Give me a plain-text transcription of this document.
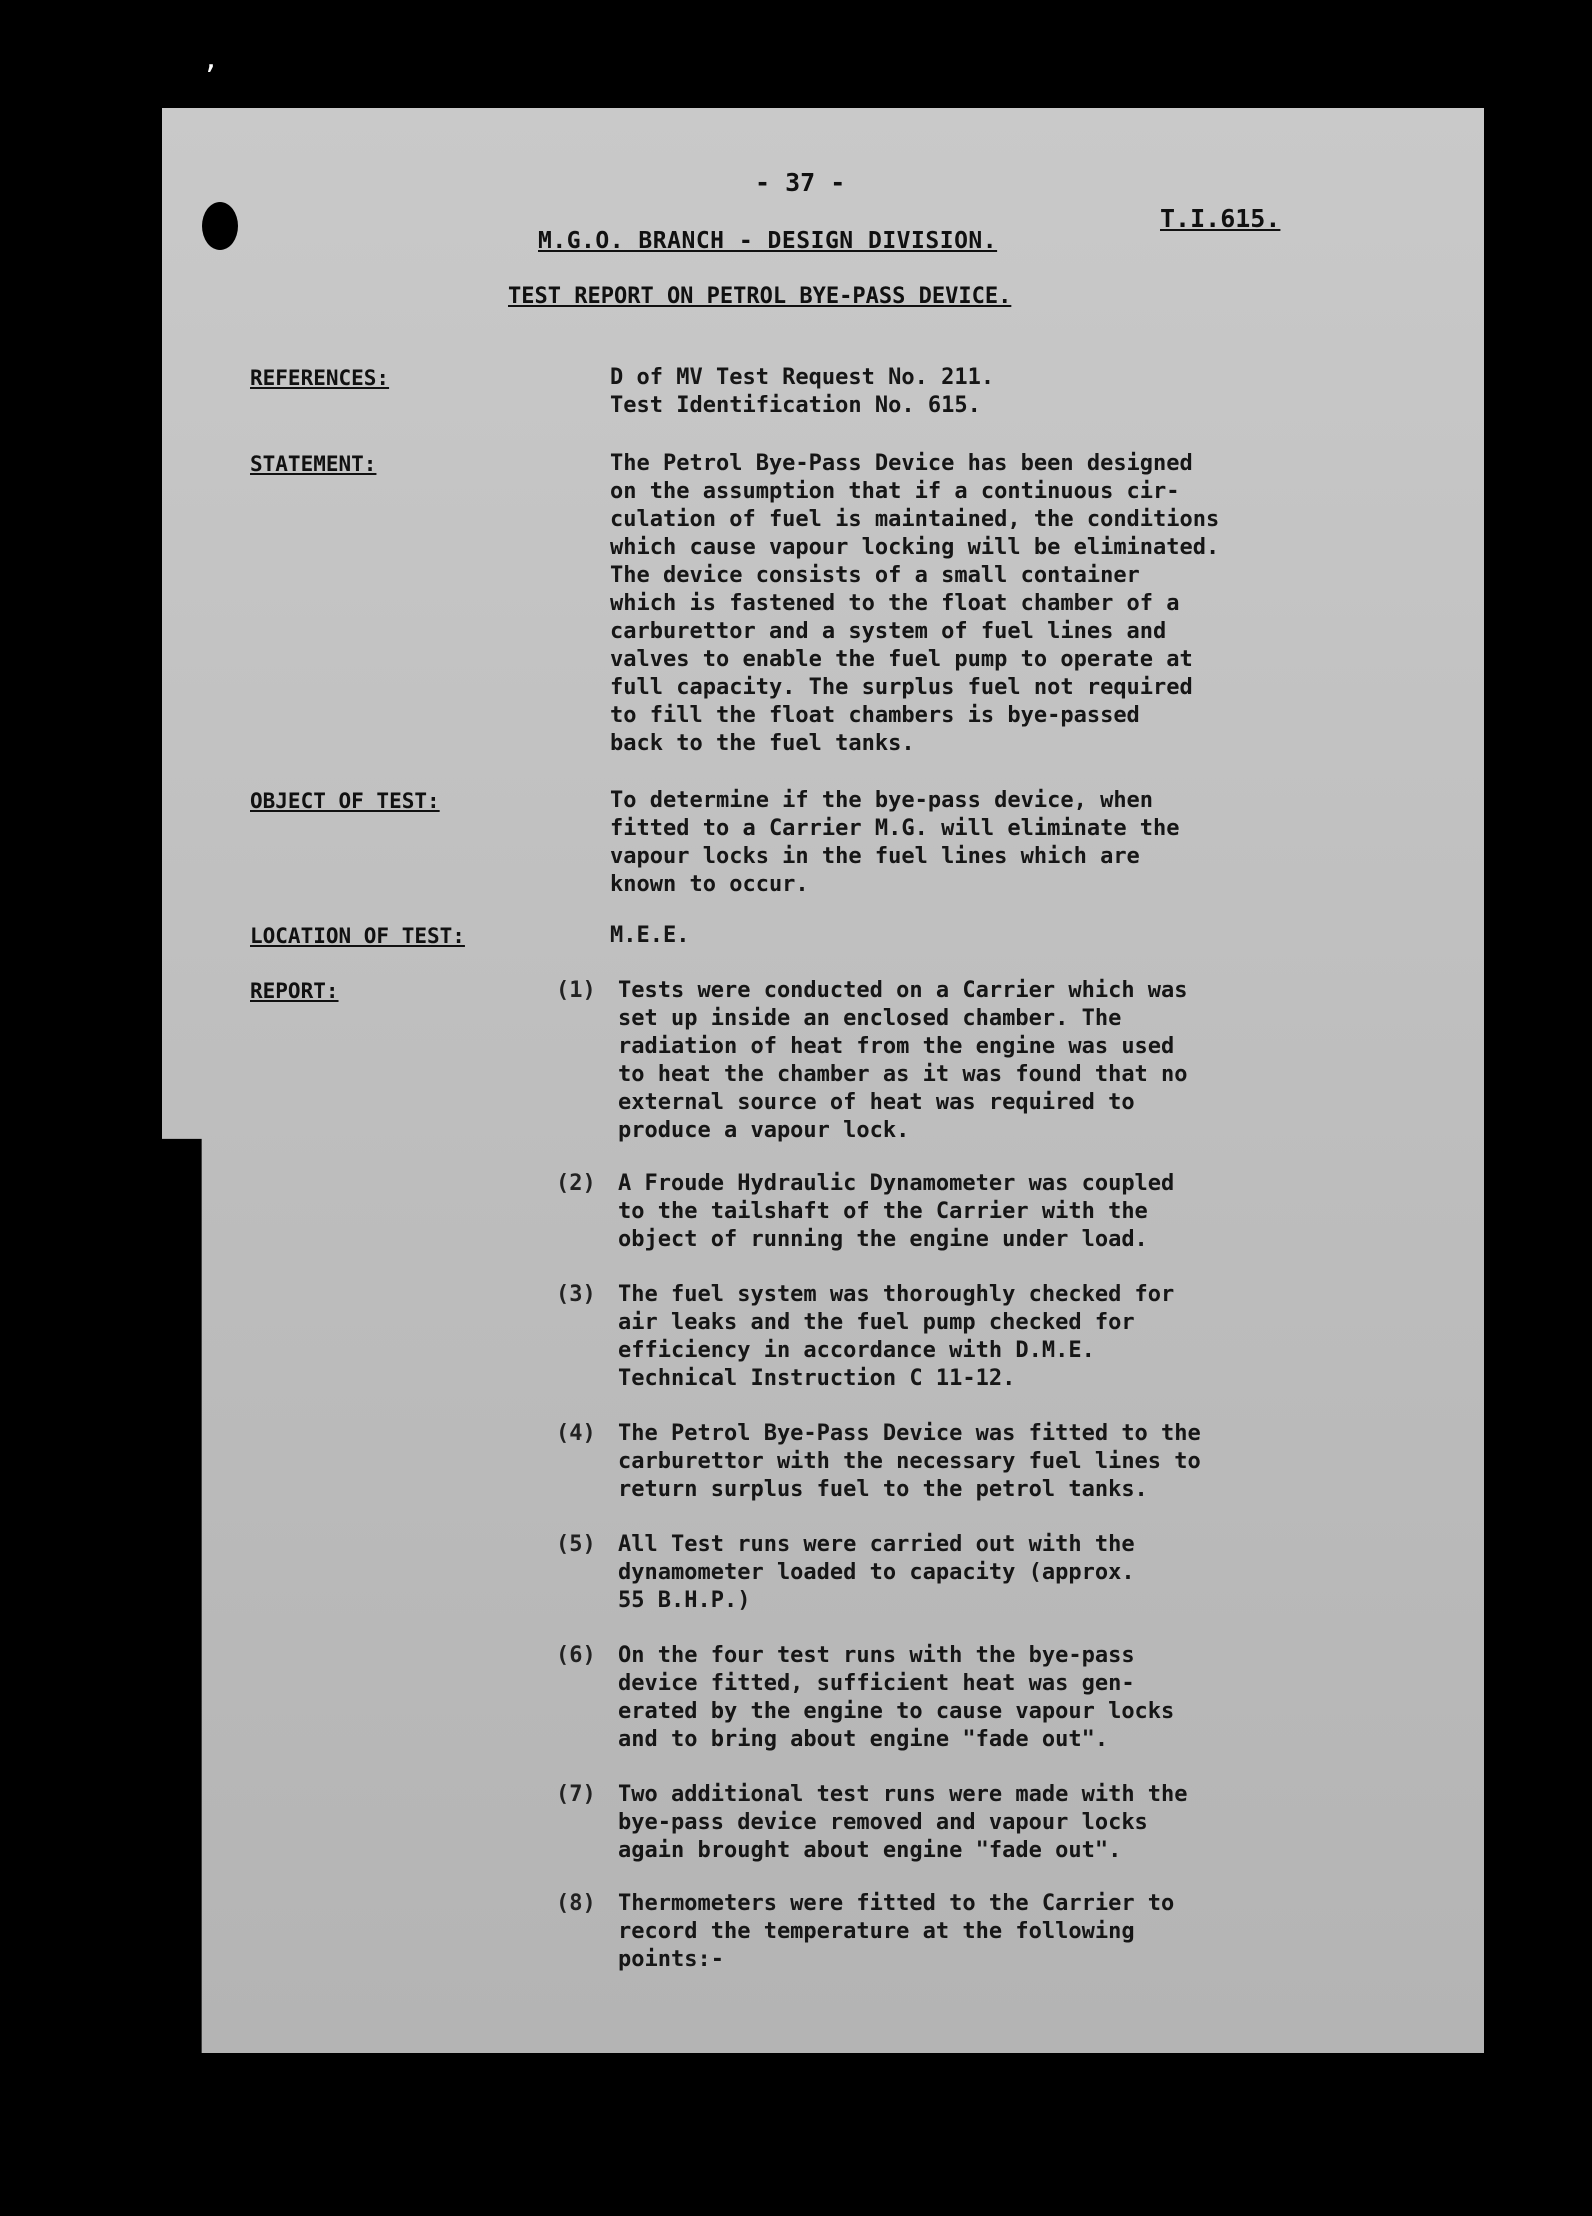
ʼ
- 37 -
T.I.615.
M.G.O. BRANCH - DESIGN DIVISION.
TEST REPORT ON PETROL BYE-PASS DEVICE.
REFERENCES:	D of MV Test Request No. 211.
Test Identification No. 615.
STATEMENT:	The Petrol Bye-Pass Device has been designed
on the assumption that if a continuous cir-
culation of fuel is maintained, the conditions
which cause vapour locking will be eliminated.
The device consists of a small container
which is fastened to the float chamber of a
carburettor and a system of fuel lines and
valves to enable the fuel pump to operate at
full capacity. The surplus fuel not required
to fill the float chambers is bye-passed
back to the fuel tanks.
OBJECT OF TEST:	To determine if the bye-pass device, when
fitted to a Carrier M.G. will eliminate the
vapour locks in the fuel lines which are
known to occur.
LOCATION OF TEST:	M.E.E.
REPORT:	(1) Tests were conducted on a Carrier which was
set up inside an enclosed chamber. The
radiation of heat from the engine was used
to heat the chamber as it was found that no
external source of heat was required to
produce a vapour lock.
(2) A Froude Hydraulic Dynamometer was coupled
to the tailshaft of the Carrier with the
object of running the engine under load.
(3) The fuel system was thoroughly checked for
air leaks and the fuel pump checked for
efficiency in accordance with D.M.E.
Technical Instruction C 11-12.
(4) The Petrol Bye-Pass Device was fitted to the
carburettor with the necessary fuel lines to
return surplus fuel to the petrol tanks.
(5) All Test runs were carried out with the
dynamometer loaded to capacity (approx.
55 B.H.P.)
(6) On the four test runs with the bye-pass
device fitted, sufficient heat was gen-
erated by the engine to cause vapour locks
and to bring about engine "fade out".
(7) Two additional test runs were made with the
bye-pass device removed and vapour locks
again brought about engine "fade out".
(8) Thermometers were fitted to the Carrier to
record the temperature at the following
points:-
